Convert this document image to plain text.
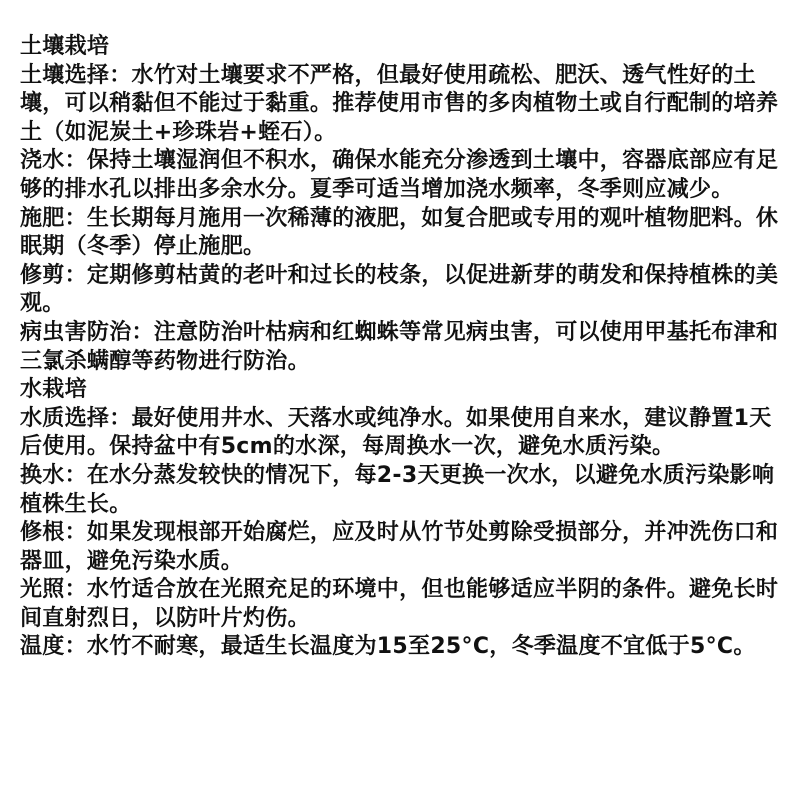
土壤栽培

土壤选择：水竹对土壤要求不严格，但最好使用疏松、肥沃、透气性好的土壤，可以稍黏但不能过于黏重。推荐使用市售的多肉植物土或自行配制的培养土（如泥炭土+珍珠岩+蛭石）。

浇水：保持土壤湿润但不积水，确保水能充分渗透到土壤中，容器底部应有足够的排水孔以排出多余水分。夏季可适当增加浇水频率，冬季则应减少。

施肥：生长期每月施用一次稀薄的液肥，如复合肥或专用的观叶植物肥料。休眠期（冬季）停止施肥。

修剪：定期修剪枯黄的老叶和过长的枝条，以促进新芽的萌发和保持植株的美观。

病虫害防治：注意防治叶枯病和红蜘蛛等常见病虫害，可以使用甲基托布津和三氯杀螨醇等药物进行防治。

水栽培

水质选择：最好使用井水、天落水或纯净水。如果使用自来水，建议静置1天后使用。保持盆中有5cm的水深，每周换水一次，避免水质污染。

换水：在水分蒸发较快的情况下，每2-3天更换一次水，以避免水质污染影响植株生长。

修根：如果发现根部开始腐烂，应及时从竹节处剪除受损部分，并冲洗伤口和器皿，避免污染水质。

光照：水竹适合放在光照充足的环境中，但也能够适应半阴的条件。避免长时间直射烈日，以防叶片灼伤。

温度：水竹不耐寒，最适生长温度为15至25°C，冬季温度不宜低于5°C。
